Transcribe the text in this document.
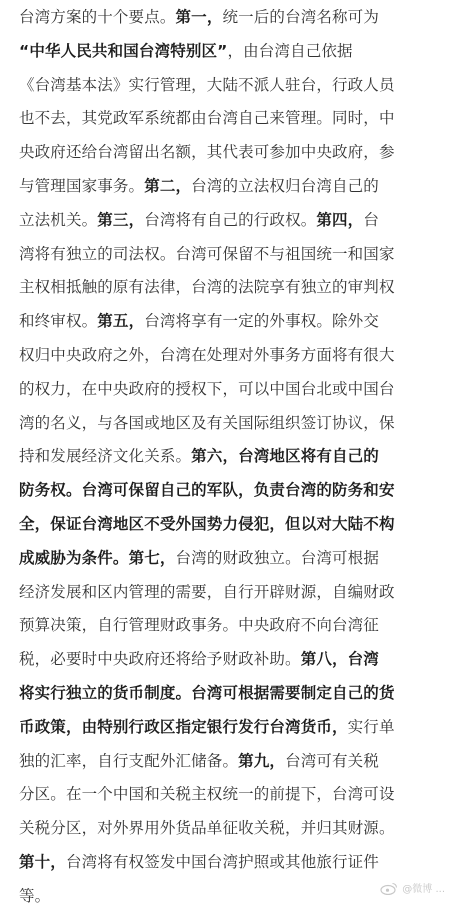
台湾方案的十个要点。第一，统一后的台湾名称可为
“中华人民共和国台湾特别区”，由台湾自己依据
《台湾基本法》实行管理，大陆不派人驻台，行政人员
也不去，其党政军系统都由台湾自己来管理。同时，中
央政府还给台湾留出名额，其代表可参加中央政府，参
与管理国家事务。第二，台湾的立法权归台湾自己的
立法机关。第三，台湾将有自己的行政权。第四，台
湾将有独立的司法权。台湾可保留不与祖国统一和国家
主权相抵触的原有法律，台湾的法院享有独立的审判权
和终审权。第五，台湾将享有一定的外事权。除外交
权归中央政府之外，台湾在处理对外事务方面将有很大
的权力，在中央政府的授权下，可以中国台北或中国台
湾的名义，与各国或地区及有关国际组织签订协议，保
持和发展经济文化关系。第六，台湾地区将有自己的
防务权。台湾可保留自己的军队，负责台湾的防务和安
全，保证台湾地区不受外国势力侵犯，但以对大陆不构
成威胁为条件。第七，台湾的财政独立。台湾可根据
经济发展和区内管理的需要，自行开辟财源，自编财政
预算决策，自行管理财政事务。中央政府不向台湾征
税，必要时中央政府还将给予财政补助。第八，台湾
将实行独立的货币制度。台湾可根据需要制定自己的货
币政策，由特别行政区指定银行发行台湾货币，实行单
独的汇率，自行支配外汇储备。第九，台湾可有关税
分区。在一个中国和关税主权统一的前提下，台湾可设
关税分区，对外界用外货品单征收关税，并归其财源。
第十，台湾将有权签发中国台湾护照或其他旅行证件
等。	@微博 ...
